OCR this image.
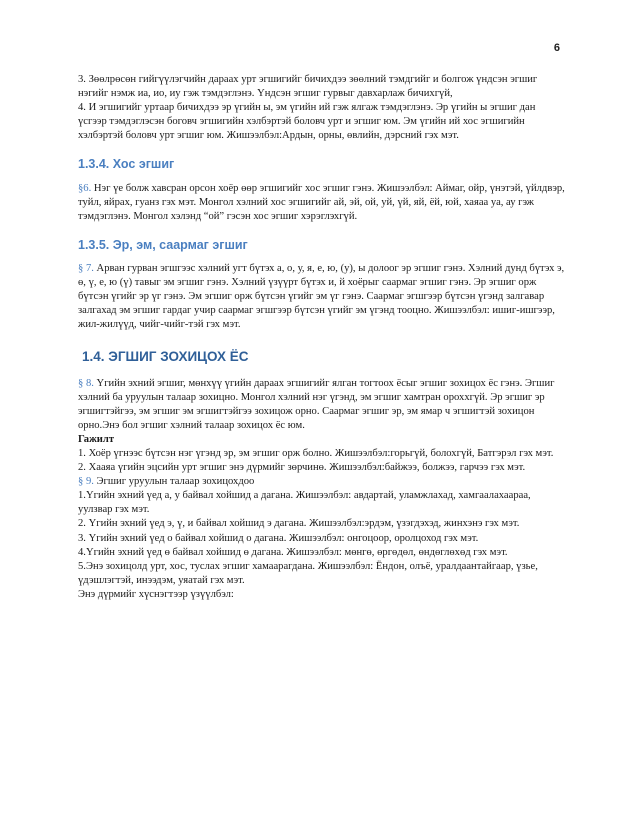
6

3. Зөөлрөсөн гийгүүлэгчийн дараах урт эгшигийг бичихдээ зөөлний тэмдгийг и болгож үндсэн эгшиг нэгийг нэмж иа, ио, иу гэж тэмдэглэнэ. Үндсэн эгшиг гурвыг давхарлаж бичихгүй,

4. И эгшигийг уртаар бичихдээ эр үгийн ы, эм үгийн ий гэж ялгаж тэмдэглэнэ. Эр үгийн ы эгшиг дан үсгээр тэмдэглэсэн боговч эгшигийн хэлбэртэй боловч урт и эгшиг юм. Эм үгийн ий хос эгшигийн хэлбэртэй боловч урт эгшиг юм. Жишээлбэл:Ардын, орны, өвлийн, дэрсний гэх мэт.

1.3.4. Хос эгшиг

§6. Нэг үе болж хавсран орсон хоёр өөр эгшигийг хос эгшиг гэнэ. Жишээлбэл: Аймаг, ойр, үнэтэй, үйлдвэр, туйл, яйрах, гуанз гэх мэт. Монгол хэлний хос эгшигийг ай, эй, ой, уй, үй, яй, ёй, юй, хаяаа уа, ау гэж тэмдэглэнэ. Монгол хэлэнд “ой” гэсэн хос эгшиг хэрэглэхгүй.

1.3.5. Эр, эм, саармаг эгшиг

§ 7. Арван гурван эгшгээс хэлний угт бүтэх а, о, у, я, е, ю, (у), ы долоог эр эгшиг гэнэ. Хэлний дунд бүтэх э, ө, ү, е, ю (ү) тавыг эм эгшиг гэнэ. Хэлний үзүүрт бүтэх и, й хоёрыг саармаг эгшиг гэнэ. Эр эгшиг орж бүтсэн үгийг эр үг гэнэ. Эм эгшиг орж бүтсэн үгийг эм үг гэнэ. Саармаг эгшгээр бүтсэн үгэнд залгавар залгахад эм эгшиг гардаг учир саармаг эгшгээр бүтсэн үгийг эм үгэнд тооцно. Жишээлбэл: ишиг-ишгээр, жил-жилүүд, чийг-чийг-тэй гэх мэт.

1.4. ЭГШИГ ЗОХИЦОХ ЁС

§ 8. Үгийн эхний эгшиг, мөнхүү үгийн дараах эгшигийг ялган тогтоох ёсыг эгшиг зохицох ёс гэнэ. Эгшиг хэлний ба уруулын талаар зохицно. Монгол хэлний нэг үгэнд, эм эгшиг хамтран ороххгүй. Эр эгшиг эр эгшигтэйгээ, эм эгшиг эм эгшигтэйгээ зохицож орно. Саармаг эгшиг эр, эм ямар ч эгшигтэй зохицон орно.Энэ бол эгшиг хэлний талаар зохицох ёс юм.

Гажилт

1. Хоёр үгнээс бүтсэн нэг үгэнд эр, эм эгшиг орж болно. Жишээлбэл:горьгүй, болохгүй, Батгэрэл гэх мэт.

2. Хааяа үгийн эцсийн урт эгшиг энэ дүрмийг зөрчинө. Жишээлбэл:байжээ, болжээ, гарчээ гэх мэт.

§ 9. Эгшиг уруулын талаар зохицохдоо

1.Үгийн эхний үед а, у байвал хойшид а дагана. Жишээлбэл: авдартай, уламжлахад, хамгаалахаараа, уулзвар гэх мэт.

2. Үгийн эхний үед э, ү, и байвал хойшид э дагана. Жишээлбэл:эрдэм, үзэгдэхэд, жинхэнэ гэх мэт.

3. Үгийн эхний үед о байвал хойшид о дагана. Жишээлбэл: онгоцоор, оролцоход гэх мэт.

4.Үгийн эхний үед ө байвал хойшид ө дагана. Жишээлбэл: мөнгө, өргөдөл, өндөглөхөд гэх мэт.

5.Энэ зохицолд урт, хос, туслах эгшиг хамаарагдана. Жишээлбэл: Ёндон, олъё, уралдаантайгаар, үзье, үдэшлэгтэй, инээдэм, уяатай гэх мэт.

Энэ дүрмийг хүснэгтээр үзүүлбэл:
